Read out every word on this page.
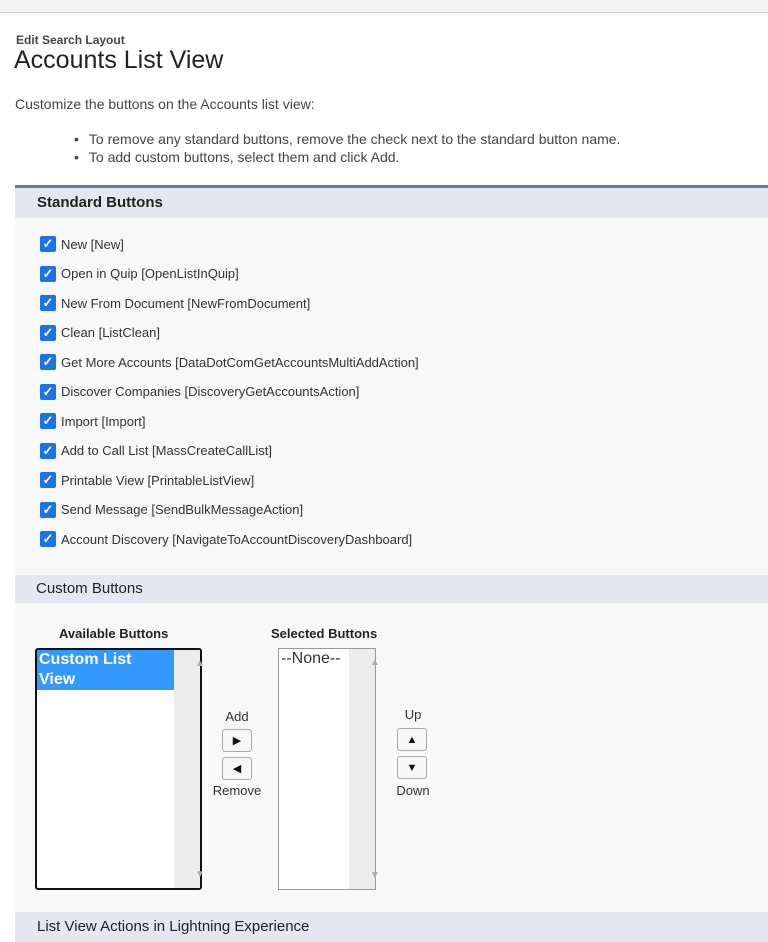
Edit Search Layout
Accounts List View
Customize the buttons on the Accounts list view:
• To remove any standard buttons, remove the check next to the standard button name.
• To add custom buttons, select them and click Add.
Standard Buttons
✓ New [New]
✓ Open in Quip [OpenListInQuip]
✓ New From Document [NewFromDocument]
✓ Clean [ListClean]
✓ Get More Accounts [DataDotComGetAccountsMultiAddAction]
✓ Discover Companies [DiscoveryGetAccountsAction]
✓ Import [Import]
✓ Add to Call List [MassCreateCallList]
✓ Printable View [PrintableListView]
✓ Send Message [SendBulkMessageAction]
✓ Account Discovery [NavigateToAccountDiscoveryDashboard]
Custom Buttons
Available Buttons
Custom List View
▲
▼
Add
▶
◀
Remove
Selected Buttons
--None--	▲
▼
Up
▲
▼
Down
List View Actions in Lightning Experience
